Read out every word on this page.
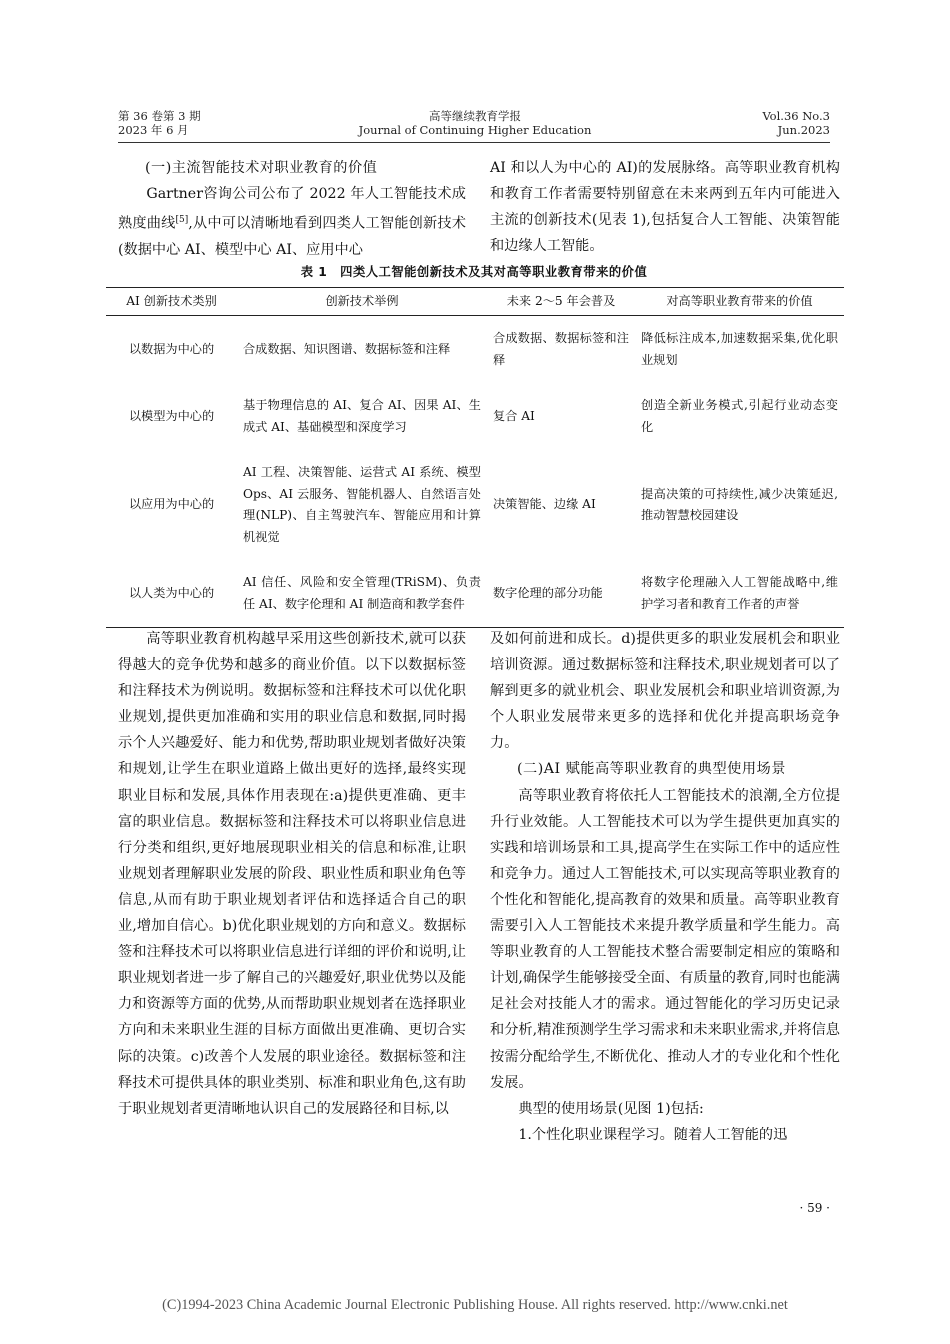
第 36 卷第 3 期
2023 年 6 月
高等继续教育学报
Journal of Continuing Higher Education
Vol.36 No.3
Jun.2023
(一)主流智能技术对职业教育的价值

Gartner咨询公司公布了 2022 年人工智能技术成熟度曲线[5],从中可以清晰地看到四类人工智能创新技术(数据中心 AI、模型中心 AI、应用中心

AI 和以人为中心的 AI)的发展脉络。高等职业教育机构和教育工作者需要特别留意在未来两到五年内可能进入主流的创新技术(见表 1),包括复合人工智能、决策智能和边缘人工智能。

表 1　四类人工智能创新技术及其对高等职业教育带来的价值
AI 创新技术类别	创新技术举例	未来 2～5 年会普及	对高等职业教育带来的价值
以数据为中心的	合成数据、知识图谱、数据标签和注释	合成数据、数据标签和注释	降低标注成本,加速数据采集,优化职业规划
以模型为中心的	基于物理信息的 AI、复合 AI、因果 AI、生成式 AI、基础模型和深度学习	复合 AI	创造全新业务模式,引起行业动态变化
以应用为中心的	AI 工程、决策智能、运营式 AI 系统、模型 Ops、AI 云服务、智能机器人、自然语言处理(NLP)、自主驾驶汽车、智能应用和计算机视觉	决策智能、边缘 AI	提高决策的可持续性,减少决策延迟,推动智慧校园建设
以人类为中心的	AI 信任、风险和安全管理(TRiSM)、负责任 AI、数字伦理和 AI 制造商和教学套件	数字伦理的部分功能	将数字伦理融入人工智能战略中,维护学习者和教育工作者的声誉

高等职业教育机构越早采用这些创新技术,就可以获得越大的竞争优势和越多的商业价值。以下以数据标签和注释技术为例说明。数据标签和注释技术可以优化职业规划,提供更加准确和实用的职业信息和数据,同时揭示个人兴趣爱好、能力和优势,帮助职业规划者做好决策和规划,让学生在职业道路上做出更好的选择,最终实现职业目标和发展,具体作用表现在:a)提供更准确、更丰富的职业信息。数据标签和注释技术可以将职业信息进行分类和组织,更好地展现职业相关的信息和标准,让职业规划者理解职业发展的阶段、职业性质和职业角色等信息,从而有助于职业规划者评估和选择适合自己的职业,增加自信心。b)优化职业规划的方向和意义。数据标签和注释技术可以将职业信息进行详细的评价和说明,让职业规划者进一步了解自己的兴趣爱好,职业优势以及能力和资源等方面的优势,从而帮助职业规划者在选择职业方向和未来职业生涯的目标方面做出更准确、更切合实际的决策。c)改善个人发展的职业途径。数据标签和注释技术可提供具体的职业类别、标准和职业角色,这有助于职业规划者更清晰地认识自己的发展路径和目标,以

及如何前进和成长。d)提供更多的职业发展机会和职业培训资源。通过数据标签和注释技术,职业规划者可以了解到更多的就业机会、职业发展机会和职业培训资源,为个人职业发展带来更多的选择和优化并提高职场竞争力。

(二)AI 赋能高等职业教育的典型使用场景

高等职业教育将依托人工智能技术的浪潮,全方位提升行业效能。人工智能技术可以为学生提供更加真实的实践和培训场景和工具,提高学生在实际工作中的适应性和竞争力。通过人工智能技术,可以实现高等职业教育的个性化和智能化,提高教育的效果和质量。高等职业教育需要引入人工智能技术来提升教学质量和学生能力。高等职业教育的人工智能技术整合需要制定相应的策略和计划,确保学生能够接受全面、有质量的教育,同时也能满足社会对技能人才的需求。通过智能化的学习历史记录和分析,精准预测学生学习需求和未来职业需求,并将信息按需分配给学生,不断优化、推动人才的专业化和个性化发展。

典型的使用场景(见图 1)包括:

1.个性化职业课程学习。随着人工智能的迅

· 59 ·
(C)1994-2023 China Academic Journal Electronic Publishing House. All rights reserved. http://www.cnki.net
